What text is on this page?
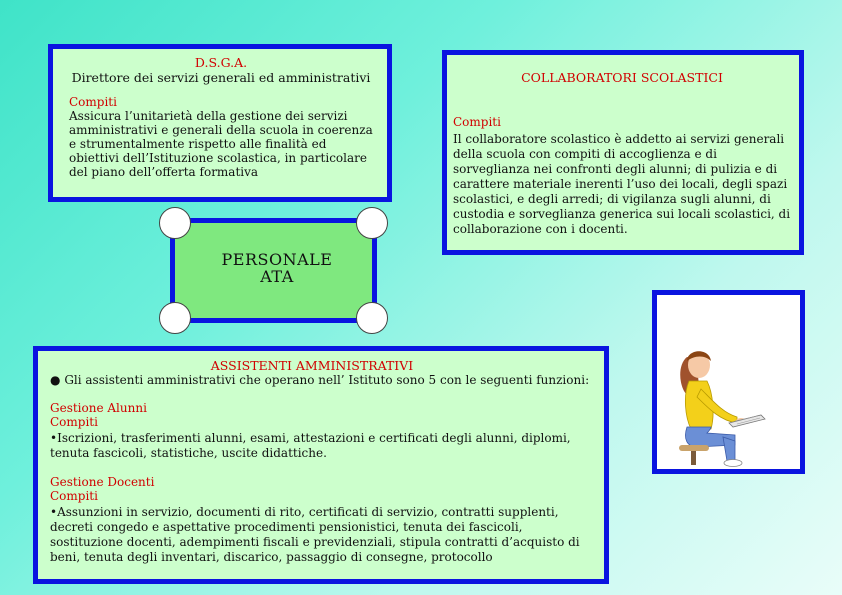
D.S.G.A.
Direttore dei servizi generali ed amministrativi
Compiti
Assicura l’unitarietà della gestione dei servizi amministrativi e generali della scuola in coerenza e strumentalmente rispetto alle finalità ed obiettivi dell’Istituzione scolastica, in particolare del piano dell’offerta formativa
COLLABORATORI SCOLASTICI
Compiti
Il collaboratore scolastico è addetto ai servizi generali della scuola con compiti di accoglienza e di sorveglianza nei confronti degli alunni; di pulizia e di carattere materiale inerenti l’uso dei locali, degli spazi scolastici, e degli arredi; di vigilanza sugli alunni, di custodia e sorveglianza generica sui locali scolastici, di collaborazione con i docenti.
PERSONALE
ATA
ASSISTENTI AMMINISTRATIVI
● Gli assistenti amministrativi che operano nell’ Istituto sono 5 con le seguenti funzioni:
Gestione Alunni
Compiti
•Iscrizioni, trasferimenti alunni, esami, attestazioni e certificati degli alunni, diplomi, tenuta fascicoli, statistiche, uscite didattiche.
Gestione Docenti
Compiti
•Assunzioni in servizio, documenti di rito, certificati di servizio, contratti supplenti, decreti congedo e aspettative procedimenti pensionistici, tenuta dei fascicoli, sostituzione docenti, adempimenti fiscali e previdenziali, stipula contratti d’acquisto di beni, tenuta degli inventari, discarico, passaggio di consegne, protocollo
